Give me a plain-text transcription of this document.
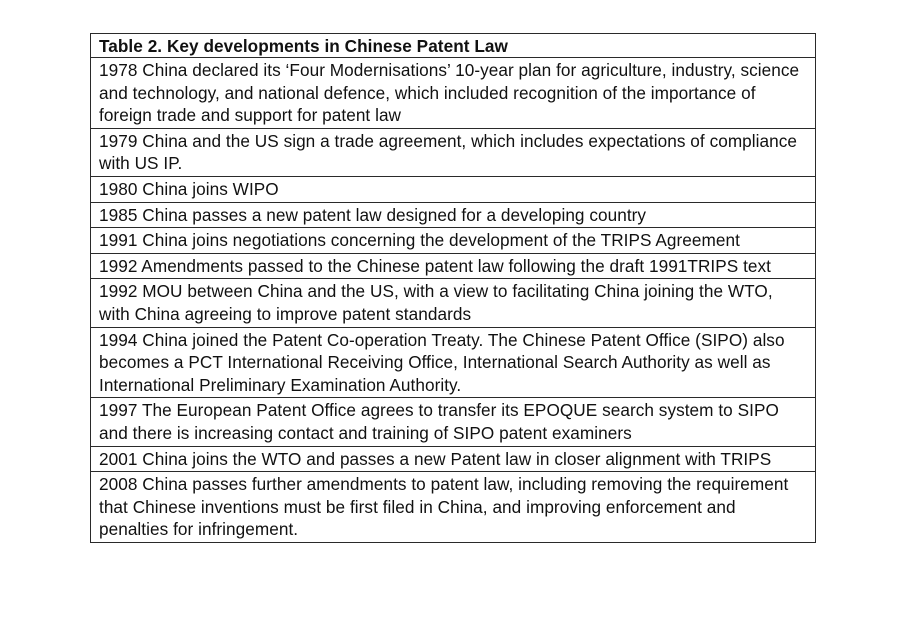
Table 2. Key developments in Chinese Patent Law
1978 China declared its ‘Four Modernisations’ 10-year plan for agriculture, industry, science and technology, and national defence, which included recognition of the importance of foreign trade and support for patent law
1979 China and the US sign a trade agreement, which includes expectations of compliance with US IP.
1980 China joins WIPO
1985 China passes a new patent law designed for a developing country
1991 China joins negotiations concerning the development of the TRIPS Agreement
1992 Amendments passed to the Chinese patent law following the draft 1991TRIPS text
1992 MOU between China and the US, with a view to facilitating China joining the WTO, with China agreeing to improve patent standards
1994 China joined the Patent Co-operation Treaty. The Chinese Patent Office (SIPO) also becomes a PCT International Receiving Office, International Search Authority as well as International Preliminary Examination Authority.
1997 The European Patent Office agrees to transfer its EPOQUE search system to SIPO and there is increasing contact and training of SIPO patent examiners
2001 China joins the WTO and passes a new Patent law in closer alignment with TRIPS
2008 China passes further amendments to patent law, including removing the requirement that Chinese inventions must be first filed in China, and improving enforcement and penalties for infringement.
